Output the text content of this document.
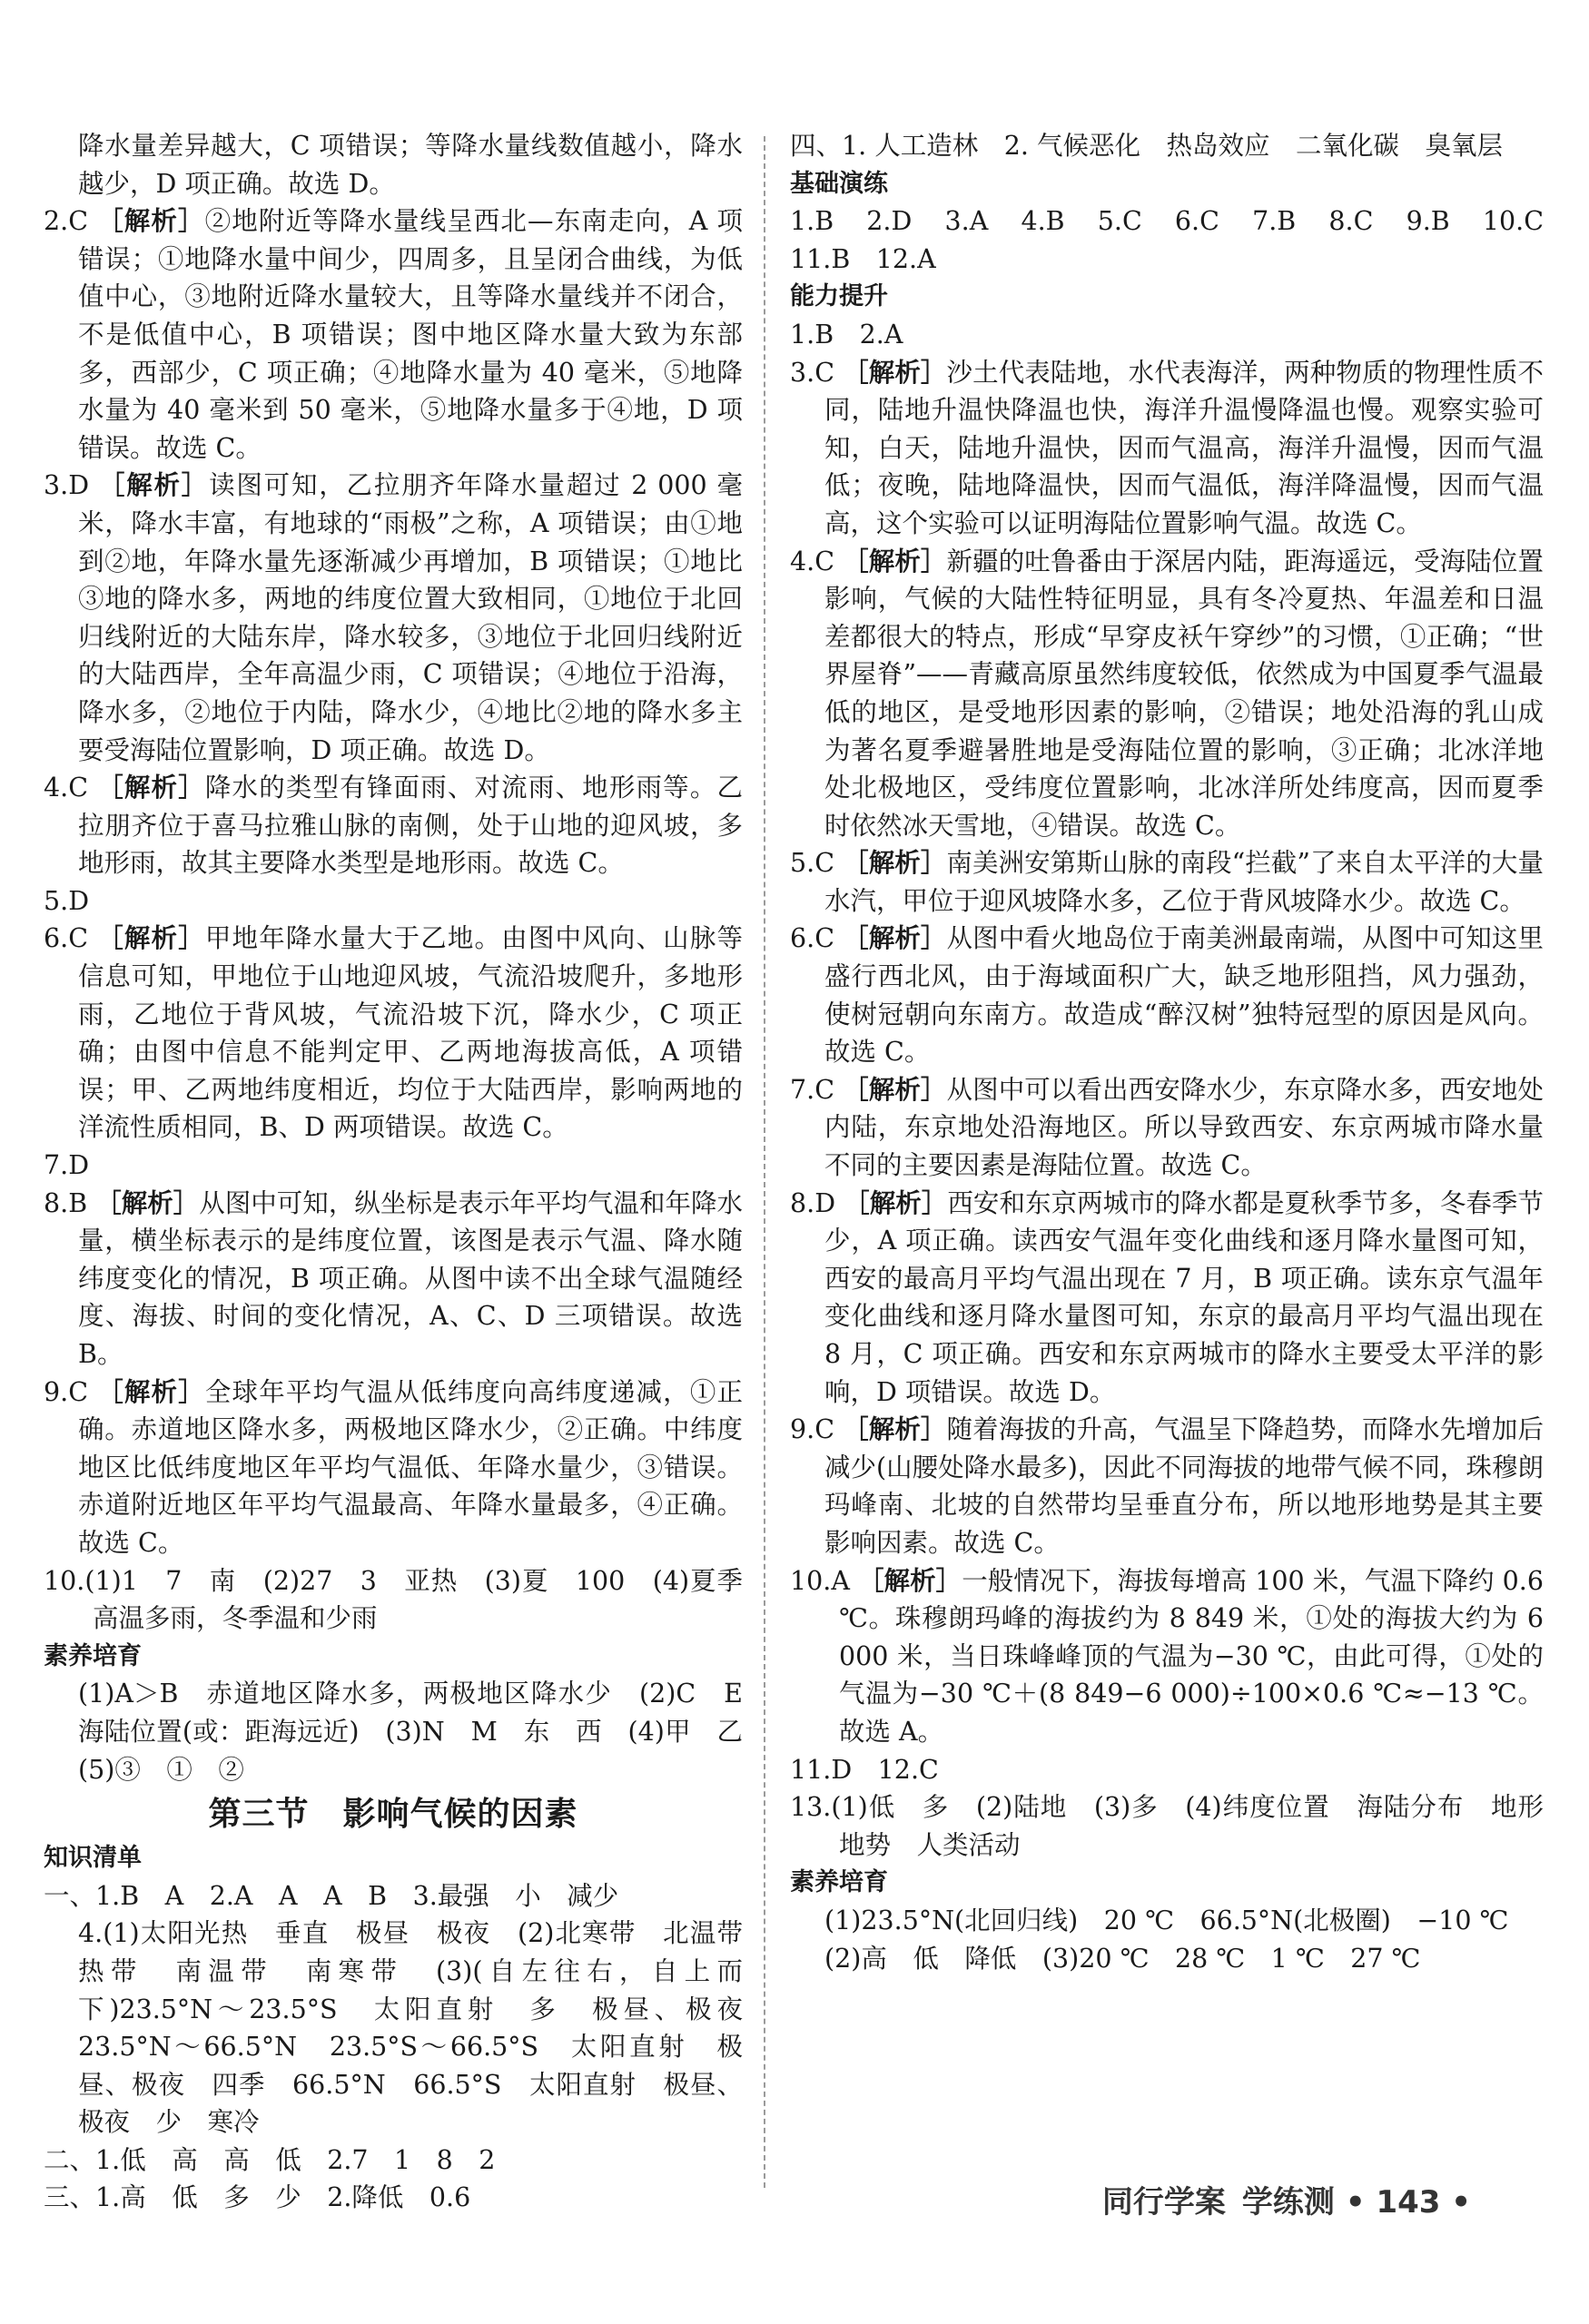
降水量差异越大，C 项错误；等降水量线数值越小，降水越少，D 项正确。故选 D。

2.C ［解析］②地附近等降水量线呈西北—东南走向，A 项错误；①地降水量中间少，四周多，且呈闭合曲线，为低值中心，③地附近降水量较大，且等降水量线并不闭合，不是低值中心，B 项错误；图中地区降水量大致为东部多，西部少，C 项正确；④地降水量为 40 毫米，⑤地降水量为 40 毫米到 50 毫米，⑤地降水量多于④地，D 项错误。故选 C。

3.D ［解析］读图可知，乙拉朋齐年降水量超过 2 000 毫米，降水丰富，有地球的“雨极”之称，A 项错误；由①地到②地，年降水量先逐渐减少再增加，B 项错误；①地比③地的降水多，两地的纬度位置大致相同，①地位于北回归线附近的大陆东岸，降水较多，③地位于北回归线附近的大陆西岸，全年高温少雨，C 项错误；④地位于沿海，降水多，②地位于内陆，降水少，④地比②地的降水多主要受海陆位置影响，D 项正确。故选 D。

4.C ［解析］降水的类型有锋面雨、对流雨、地形雨等。乙拉朋齐位于喜马拉雅山脉的南侧，处于山地的迎风坡，多地形雨，故其主要降水类型是地形雨。故选 C。

5.D

6.C ［解析］甲地年降水量大于乙地。由图中风向、山脉等信息可知，甲地位于山地迎风坡，气流沿坡爬升，多地形雨，乙地位于背风坡，气流沿坡下沉，降水少，C 项正确；由图中信息不能判定甲、乙两地海拔高低，A 项错误；甲、乙两地纬度相近，均位于大陆西岸，影响两地的洋流性质相同，B、D 两项错误。故选 C。

7.D

8.B ［解析］从图中可知，纵坐标是表示年平均气温和年降水量，横坐标表示的是纬度位置，该图是表示气温、降水随纬度变化的情况，B 项正确。从图中读不出全球气温随经度、海拔、时间的变化情况，A、C、D 三项错误。故选 B。

9.C ［解析］全球年平均气温从低纬度向高纬度递减，①正确。赤道地区降水多，两极地区降水少，②正确。中纬度地区比低纬度地区年平均气温低、年降水量少，③错误。赤道附近地区年平均气温最高、年降水量最多，④正确。故选 C。

10.(1)1　7　南　(2)27　3　亚热　(3)夏　100　(4)夏季高温多雨，冬季温和少雨

素养培育

(1)A＞B　赤道地区降水多，两极地区降水少　(2)C　E　海陆位置(或：距海远近)　(3)N　M　东　西　(4)甲　乙　(5)③　①　②

第三节　影响气候的因素

知识清单

一、1.B　A　2.A　A　A　B　3.最强　小　减少

4.(1)太阳光热　垂直　极昼　极夜　(2)北寒带　北温带　热带　南温带　南寒带　(3)(自左往右，自上而下)23.5°N～23.5°S　太阳直射　多　极昼、极夜　23.5°N～66.5°N　23.5°S～66.5°S　太阳直射　极昼、极夜　四季　66.5°N　66.5°S　太阳直射　极昼、极夜　少　寒冷

二、1.低　高　高　低　2.7　1　8　2

三、1.高　低　多　少　2.降低　0.6

四、1. 人工造林　2. 气候恶化　热岛效应　二氧化碳　臭氧层

基础演练

1.B　2.D　3.A　4.B　5.C　6.C　7.B　8.C　9.B　10.C　11.B　12.A

能力提升

1.B　2.A

3.C ［解析］沙土代表陆地，水代表海洋，两种物质的物理性质不同，陆地升温快降温也快，海洋升温慢降温也慢。观察实验可知，白天，陆地升温快，因而气温高，海洋升温慢，因而气温低；夜晚，陆地降温快，因而气温低，海洋降温慢，因而气温高，这个实验可以证明海陆位置影响气温。故选 C。

4.C ［解析］新疆的吐鲁番由于深居内陆，距海遥远，受海陆位置影响，气候的大陆性特征明显，具有冬冷夏热、年温差和日温差都很大的特点，形成“早穿皮袄午穿纱”的习惯，①正确；“世界屋脊”——青藏高原虽然纬度较低，依然成为中国夏季气温最低的地区，是受地形因素的影响，②错误；地处沿海的乳山成为著名夏季避暑胜地是受海陆位置的影响，③正确；北冰洋地处北极地区，受纬度位置影响，北冰洋所处纬度高，因而夏季时依然冰天雪地，④错误。故选 C。

5.C ［解析］南美洲安第斯山脉的南段“拦截”了来自太平洋的大量水汽，甲位于迎风坡降水多，乙位于背风坡降水少。故选 C。

6.C ［解析］从图中看火地岛位于南美洲最南端，从图中可知这里盛行西北风，由于海域面积广大，缺乏地形阻挡，风力强劲，使树冠朝向东南方。故造成“醉汉树”独特冠型的原因是风向。故选 C。

7.C ［解析］从图中可以看出西安降水少，东京降水多，西安地处内陆，东京地处沿海地区。所以导致西安、东京两城市降水量不同的主要因素是海陆位置。故选 C。

8.D ［解析］西安和东京两城市的降水都是夏秋季节多，冬春季节少，A 项正确。读西安气温年变化曲线和逐月降水量图可知，西安的最高月平均气温出现在 7 月，B 项正确。读东京气温年变化曲线和逐月降水量图可知，东京的最高月平均气温出现在 8 月，C 项正确。西安和东京两城市的降水主要受太平洋的影响，D 项错误。故选 D。

9.C ［解析］随着海拔的升高，气温呈下降趋势，而降水先增加后减少(山腰处降水最多)，因此不同海拔的地带气候不同，珠穆朗玛峰南、北坡的自然带均呈垂直分布，所以地形地势是其主要影响因素。故选 C。

10.A ［解析］一般情况下，海拔每增高 100 米，气温下降约 0.6 ℃。珠穆朗玛峰的海拔约为 8 849 米，①处的海拔大约为 6 000 米，当日珠峰峰顶的气温为−30 ℃，由此可得，①处的气温为−30 ℃＋(8 849−6 000)÷100×0.6 ℃≈−13 ℃。故选 A。

11.D　12.C

13.(1)低　多　(2)陆地　(3)多　(4)纬度位置　海陆分布　地形地势　人类活动

素养培育

(1)23.5°N(北回归线)　20 ℃　66.5°N(北极圈)　−10 ℃

(2)高　低　降低　(3)20 ℃　28 ℃　1 ℃　27 ℃

同行学案 学练测 • 143 •
